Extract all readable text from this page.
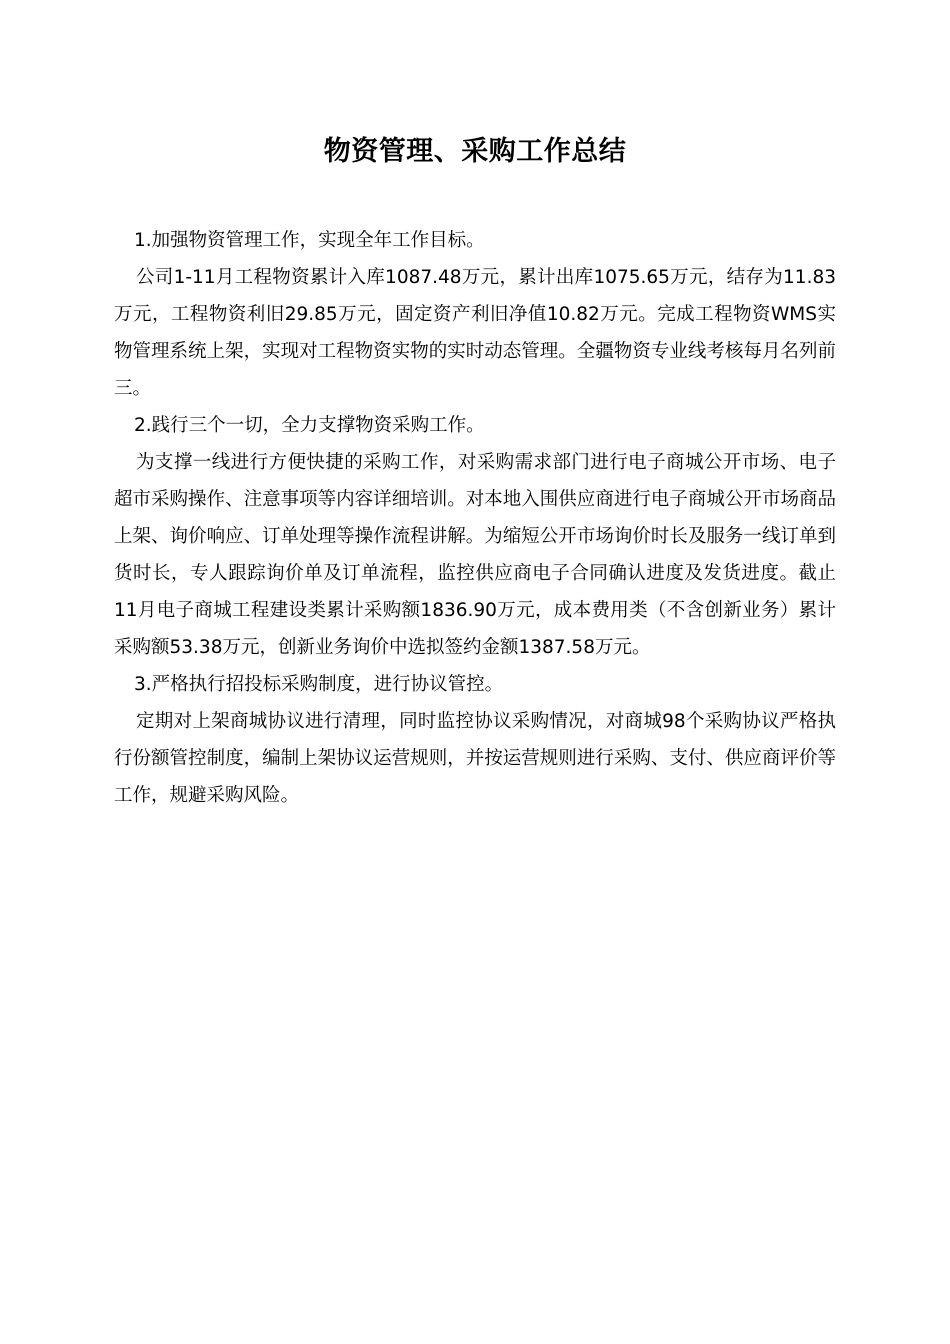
物资管理、采购工作总结

1.加强物资管理工作，实现全年工作目标。

公司1-11月工程物资累计入库1087.48万元，累计出库1075.65万元，结存为11.83万元，工程物资利旧29.85万元，固定资产利旧净值10.82万元。完成工程物资WMS实物管理系统上架，实现对工程物资实物的实时动态管理。全疆物资专业线考核每月名列前三。

2.践行三个一切，全力支撑物资采购工作。

为支撑一线进行方便快捷的采购工作，对采购需求部门进行电子商城公开市场、电子超市采购操作、注意事项等内容详细培训。对本地入围供应商进行电子商城公开市场商品上架、询价响应、订单处理等操作流程讲解。为缩短公开市场询价时长及服务一线订单到货时长，专人跟踪询价单及订单流程，监控供应商电子合同确认进度及发货进度。截止11月电子商城工程建设类累计采购额1836.90万元，成本费用类（不含创新业务）累计采购额53.38万元，创新业务询价中选拟签约金额1387.58万元。

3.严格执行招投标采购制度，进行协议管控。

定期对上架商城协议进行清理，同时监控协议采购情况，对商城98个采购协议严格执行份额管控制度，编制上架协议运营规则，并按运营规则进行采购、支付、供应商评价等工作，规避采购风险。
